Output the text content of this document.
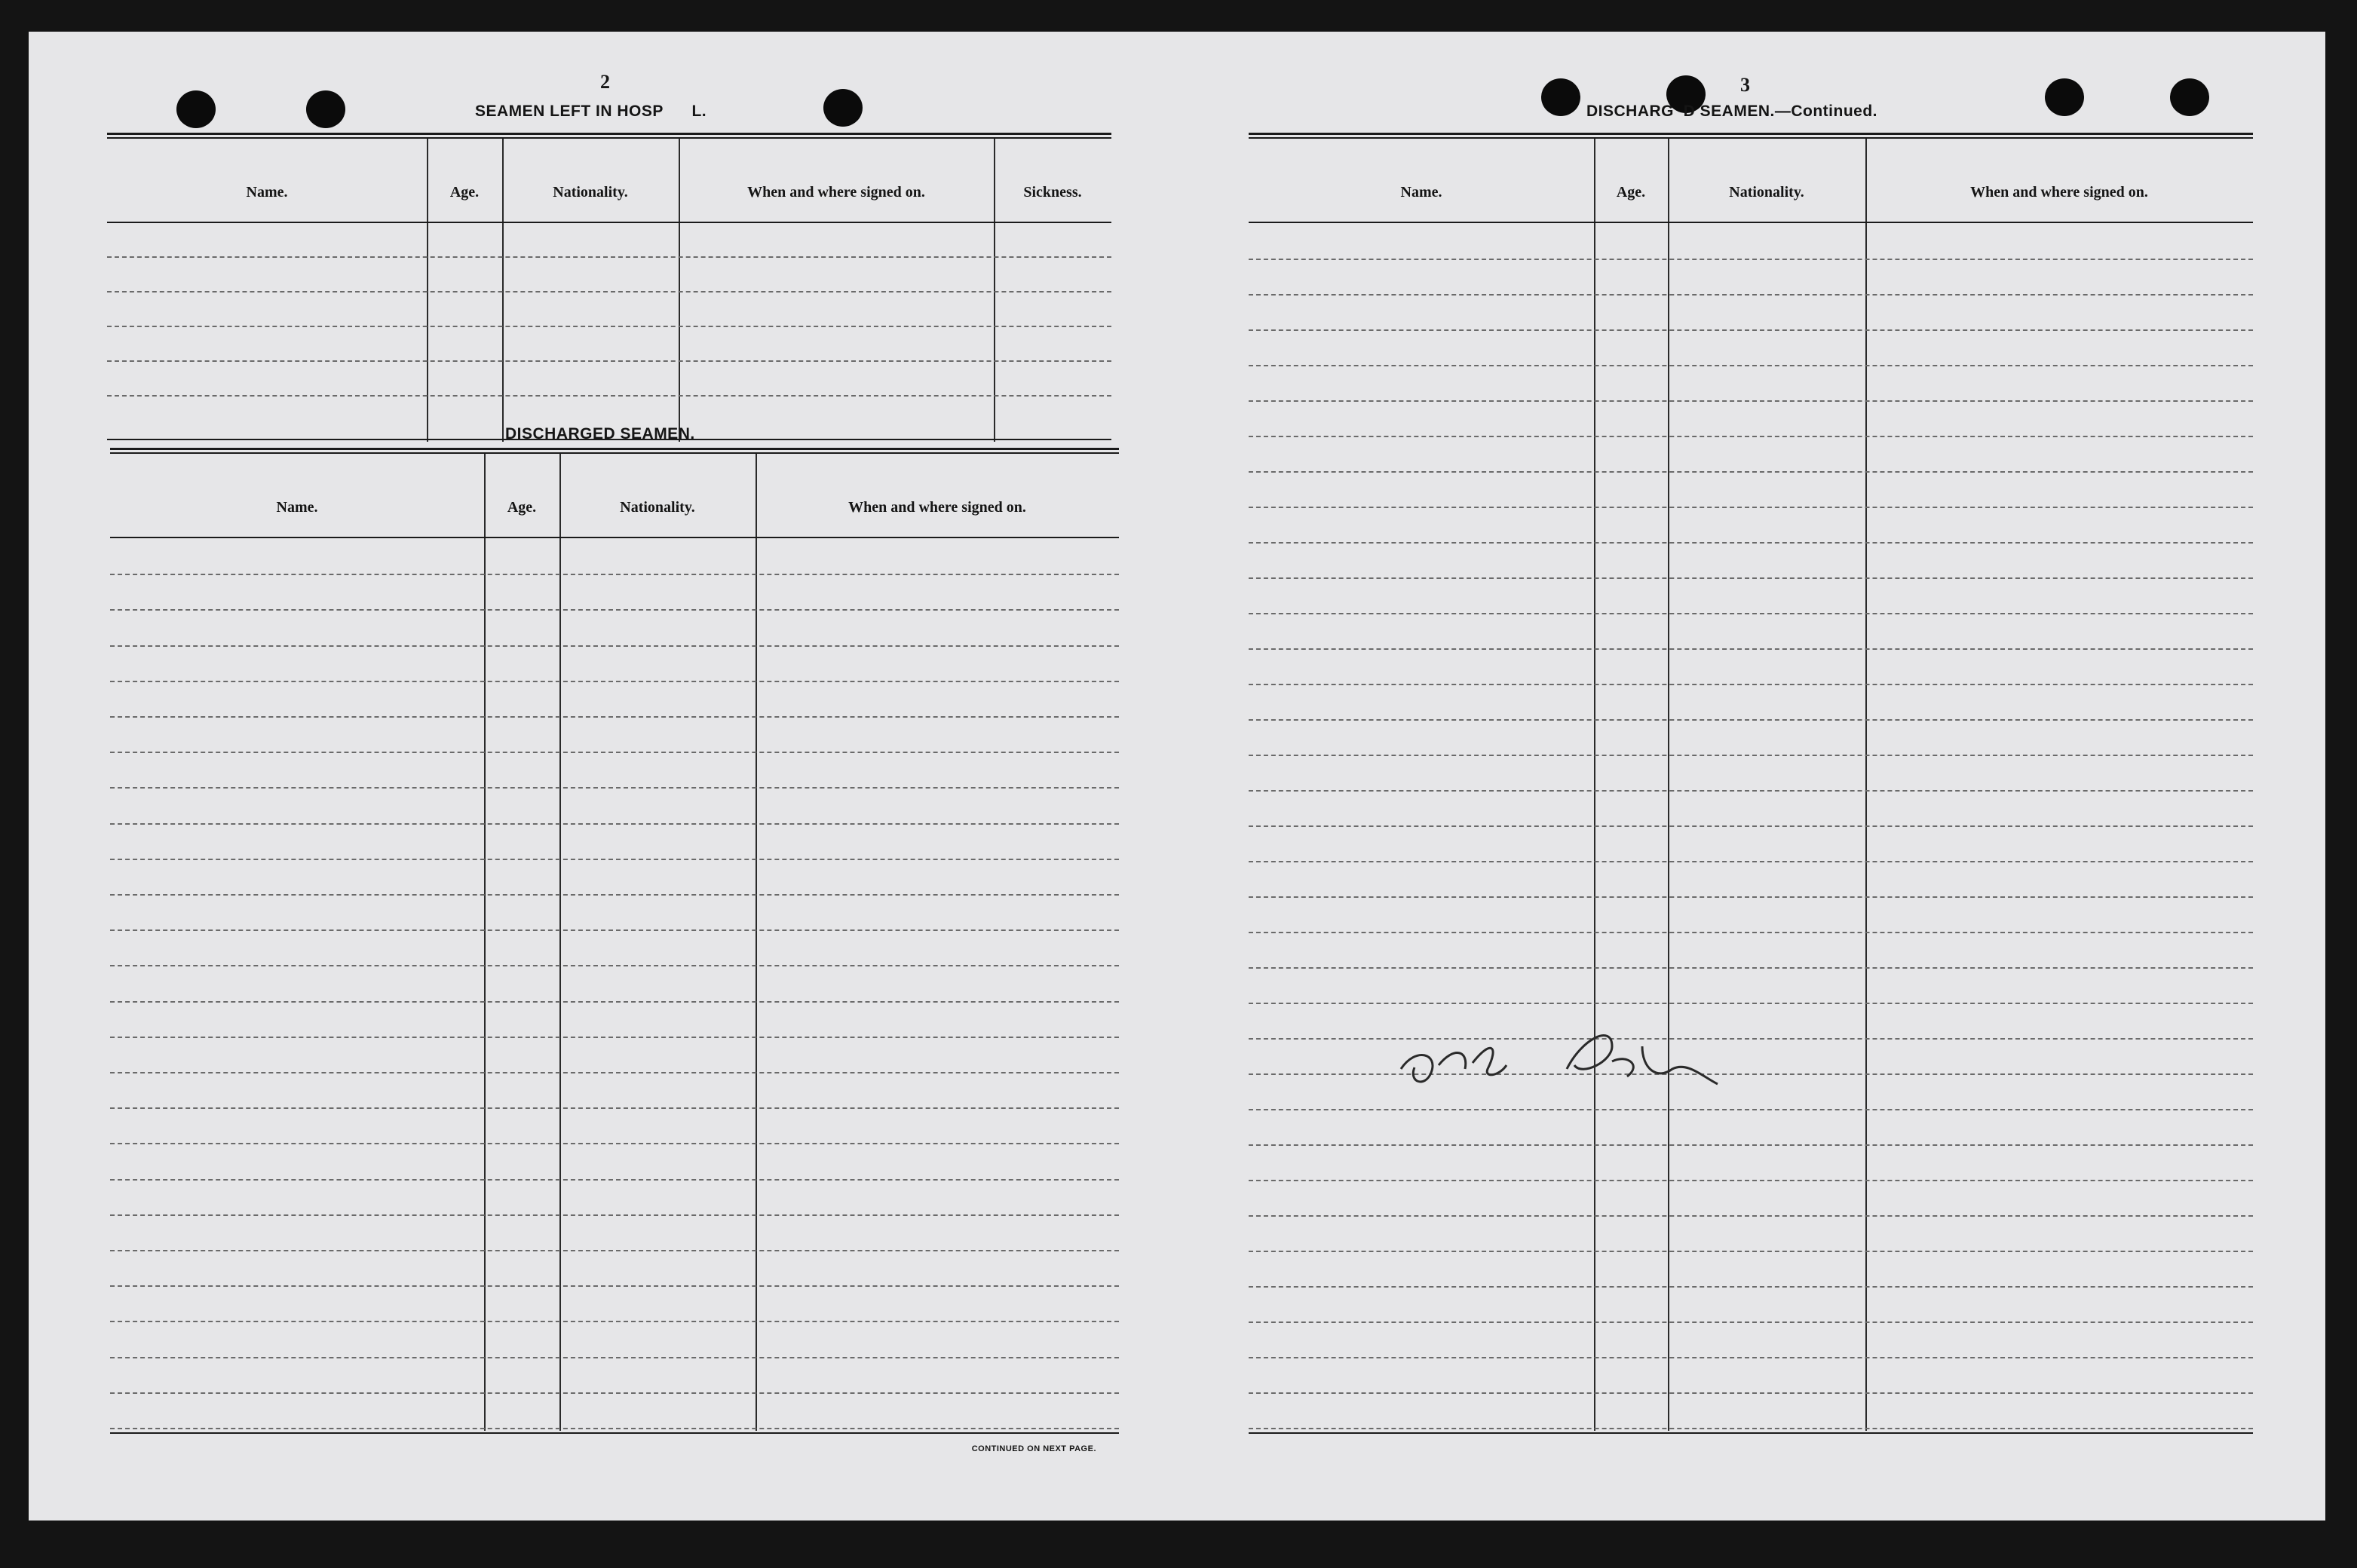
2
SEAMEN LEFT IN HOSP      L.
Name.	Age.	Nationality.	When and where signed on.	Sickness.
DISCHARGED SEAMEN.
Name.	Age.	Nationality.	When and where signed on.
CONTINUED ON NEXT PAGE.
3
DISCHARG  D SEAMEN.—Continued.
Name.	Age.	Nationality.	When and where signed on.
